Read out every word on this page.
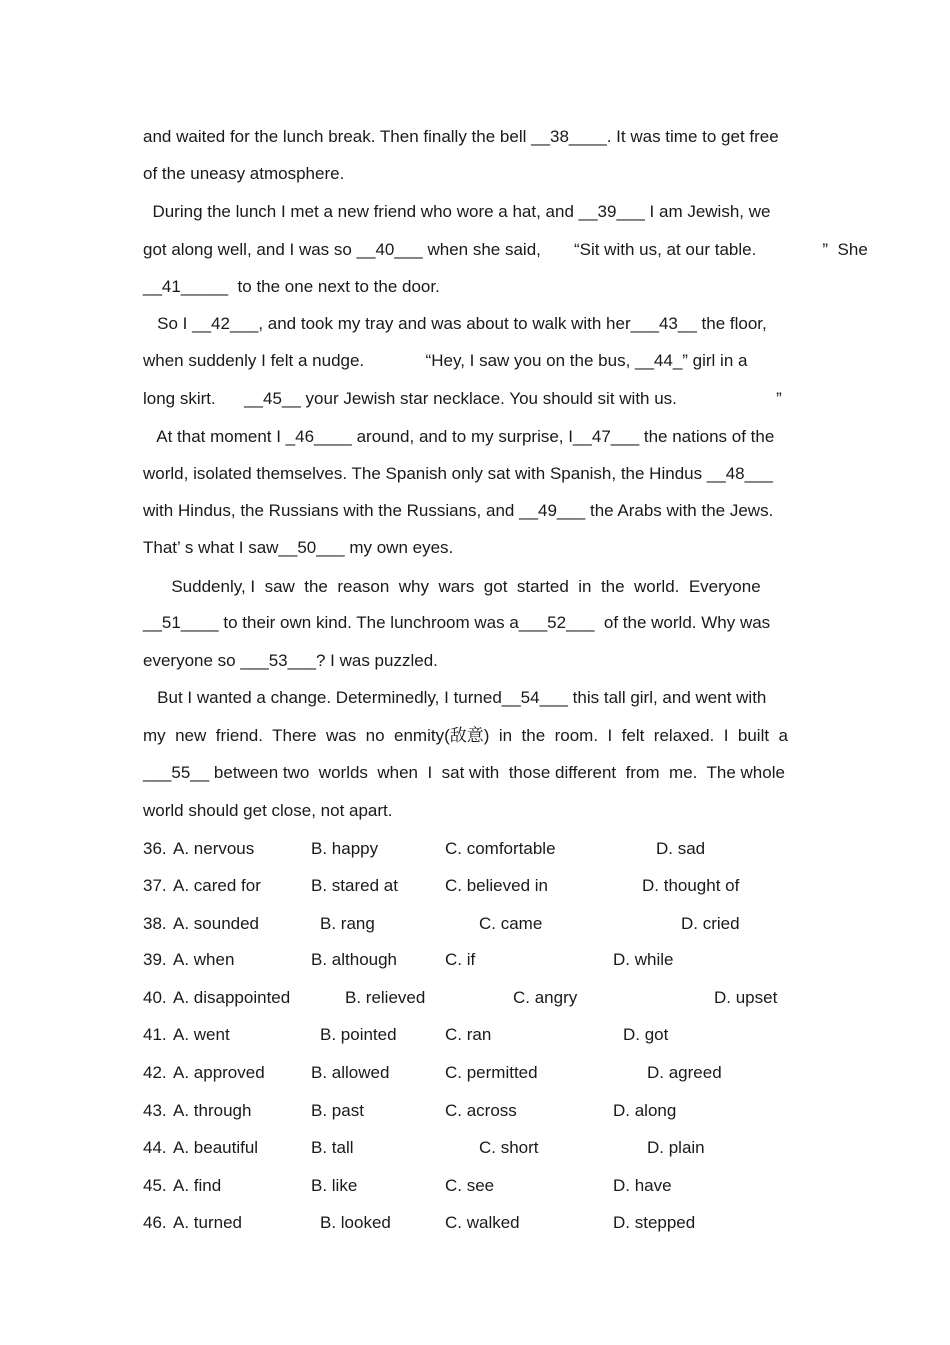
and waited for the lunch break. Then finally the bell __38____. It was time to get free
of the uneasy atmosphere.
During the lunch I met a new friend who wore a hat, and __39___ I am Jewish, we
got along well, and I was so __40___ when she said,       “Sit with us, at our table.              ”  She
__41_____  to the one next to the door.
So I __42___, and took my tray and was about to walk with her___43__ the floor,
when suddenly I felt a nudge.             “Hey, I saw you on the bus, __44_” girl in a
long skirt.      __45__ your Jewish star necklace. You should sit with us.                     ”
At that moment I _46____ around, and to my surprise, I__47___ the nations of the
world, isolated themselves. The Spanish only sat with Spanish, the Hindus __48___
with Hindus, the Russians with the Russians, and __49___ the Arabs with the Jews.
That’ s what I saw__50___ my own eyes.
Suddenly, I  saw  the  reason  why  wars  got  started  in  the  world.  Everyone
__51____ to their own kind. The lunchroom was a___52___  of the world. Why was
everyone so ___53___? I was puzzled.
But I wanted a change. Determinedly, I turned__54___ this tall girl, and went with
my  new  friend.  There  was  no  enmity(敌意)  in  the  room.  I  felt  relaxed.  I  built  a
___55__ between two  worlds  when  I  sat with  those different  from  me.  The whole
world should get close, not apart.
36. A. nervous	B. happy	C. comfortable	D. sad
37. A. cared for	B. stared at	C. believed in	D. thought of
38. A. sounded	B. rang	C. came	D. cried
39. A. when	B. although	C. if	D. while
40. A. disappointed	B. relieved	C. angry	D. upset
41. A. went	B. pointed	C. ran	D. got
42. A. approved	B. allowed	C. permitted	D. agreed
43. A. through	B. past	C. across	D. along
44. A. beautiful	B. tall	C. short	D. plain
45. A. find	B. like	C. see	D. have
46. A. turned	B. looked	C. walked	D. stepped
